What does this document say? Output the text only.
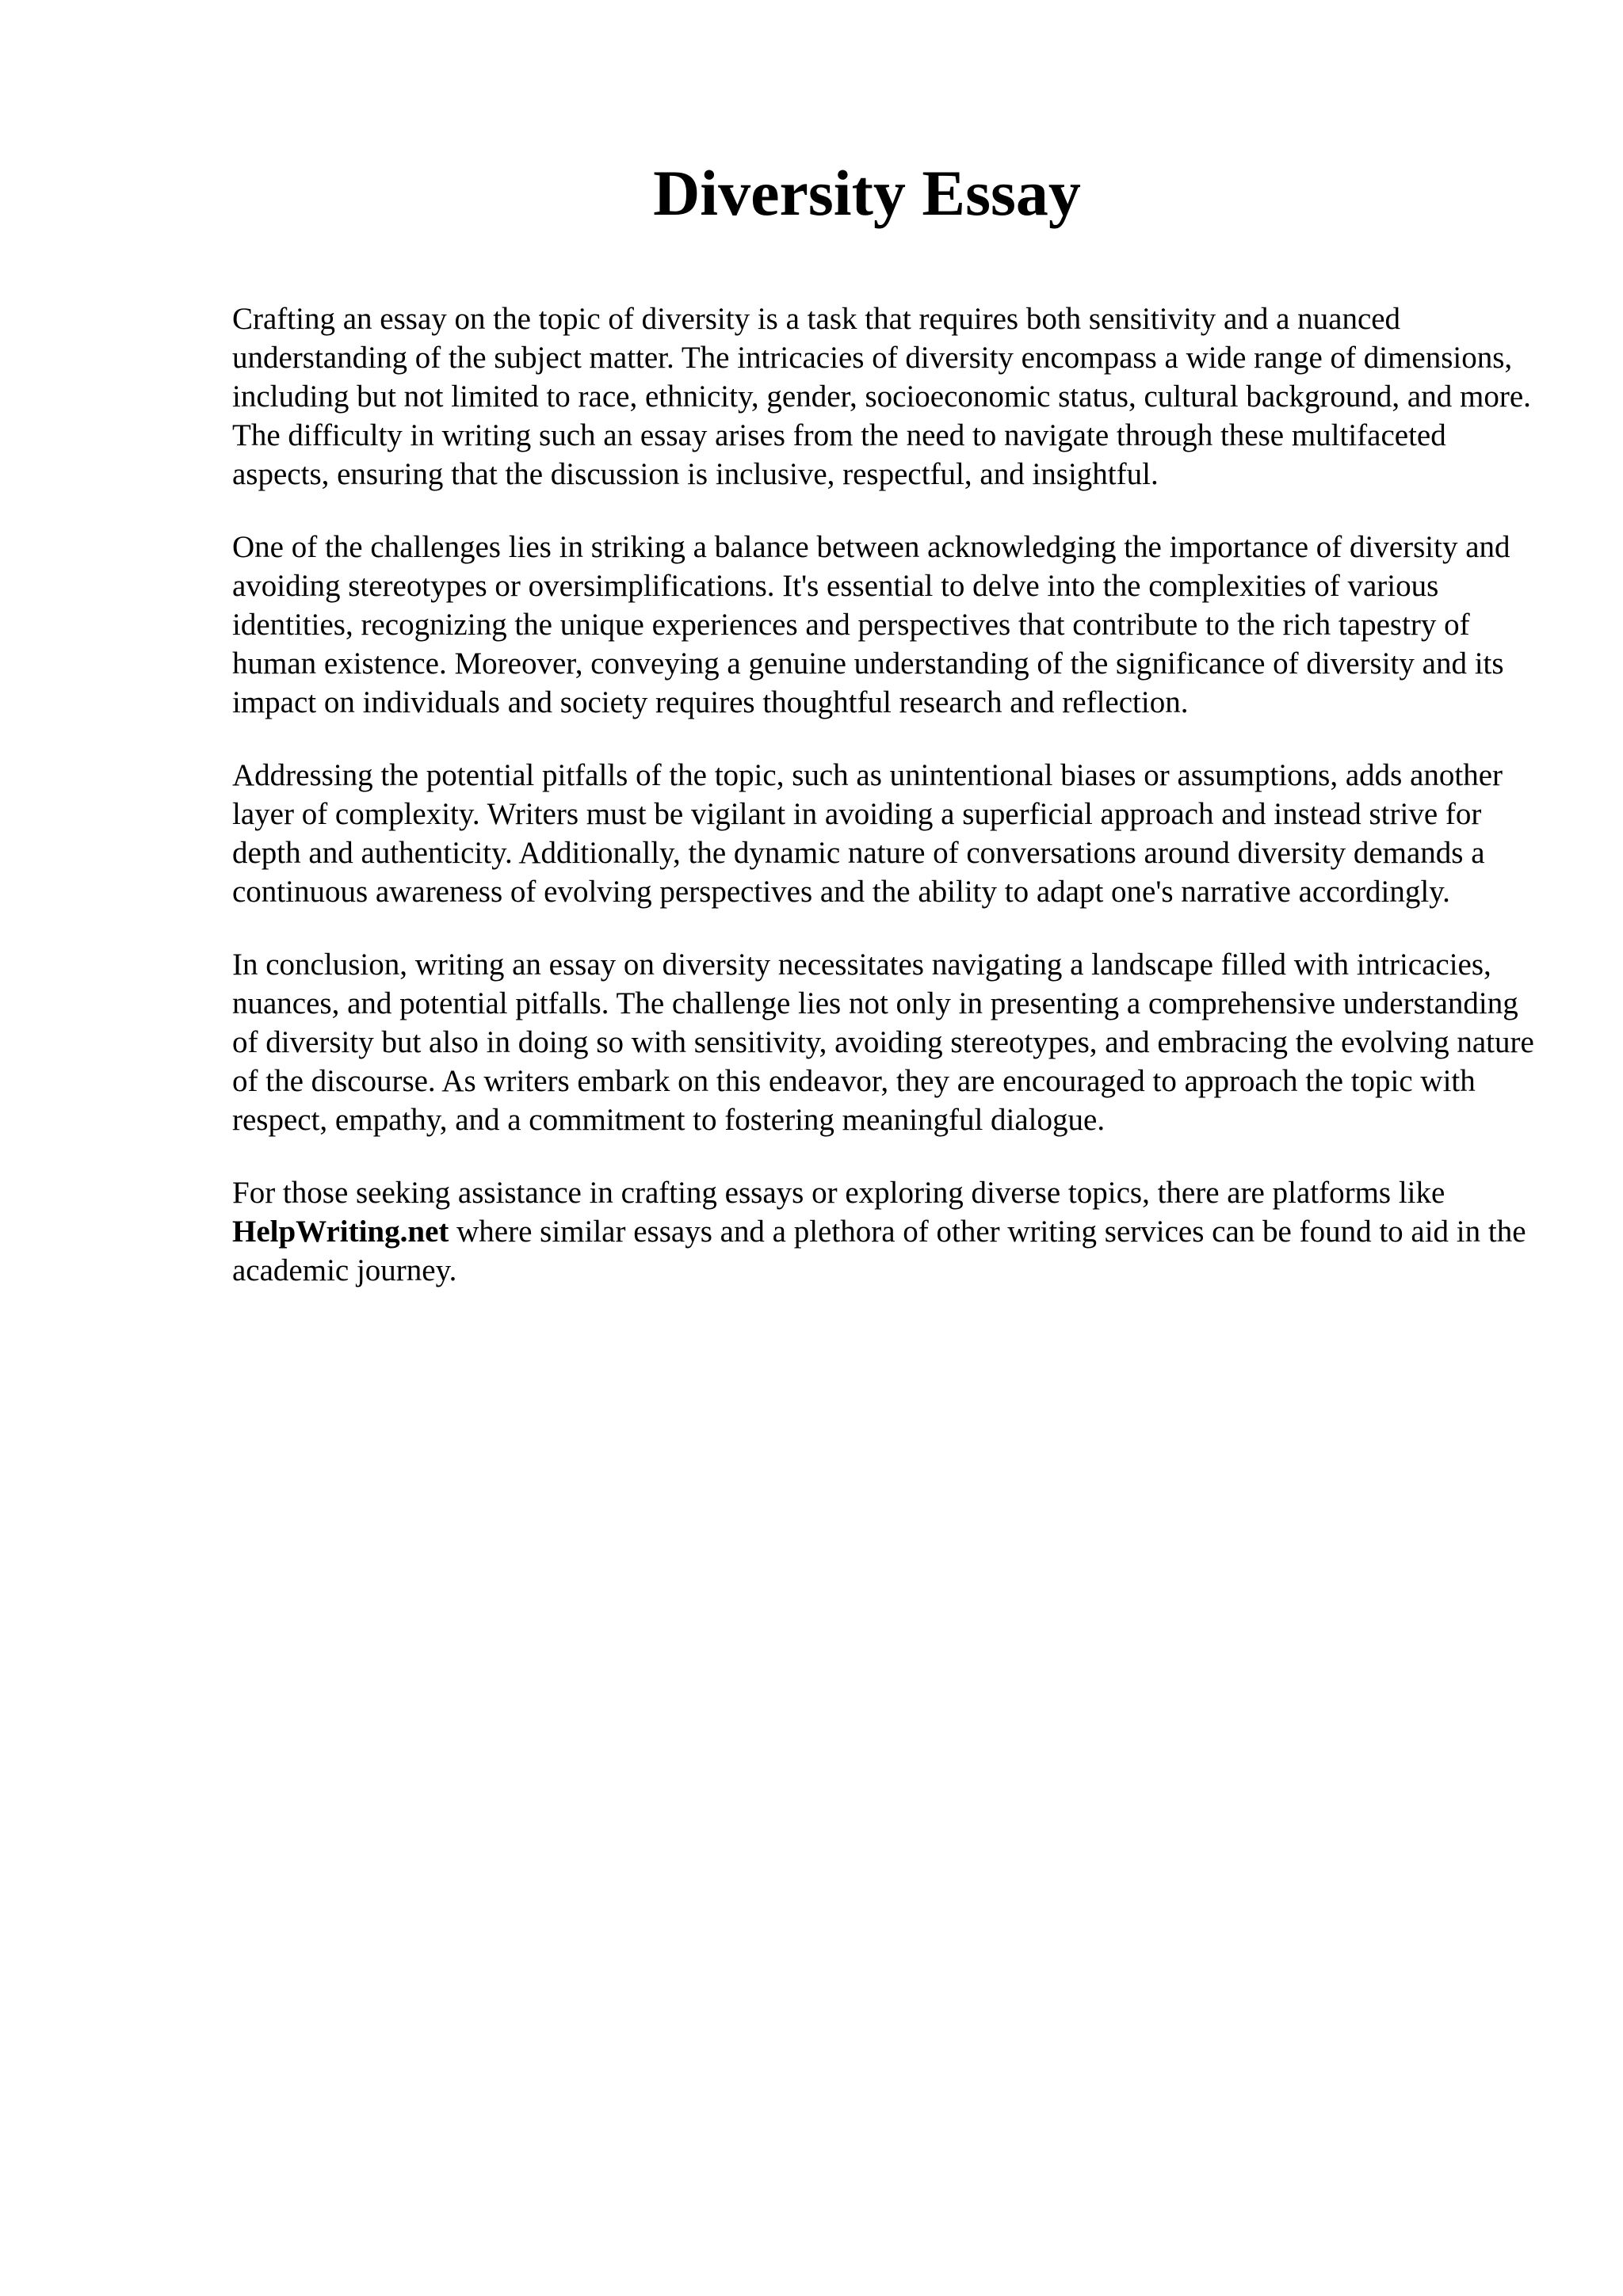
Diversity Essay

Crafting an essay on the topic of diversity is a task that requires both sensitivity and a nuanced understanding of the subject matter. The intricacies of diversity encompass a wide range of dimensions, including but not limited to race, ethnicity, gender, socioeconomic status, cultural background, and more. The difficulty in writing such an essay arises from the need to navigate through these multifaceted aspects, ensuring that the discussion is inclusive, respectful, and insightful.

One of the challenges lies in striking a balance between acknowledging the importance of diversity and avoiding stereotypes or oversimplifications. It's essential to delve into the complexities of various identities, recognizing the unique experiences and perspectives that contribute to the rich tapestry of human existence. Moreover, conveying a genuine understanding of the significance of diversity and its impact on individuals and society requires thoughtful research and reflection.

Addressing the potential pitfalls of the topic, such as unintentional biases or assumptions, adds another layer of complexity. Writers must be vigilant in avoiding a superficial approach and instead strive for depth and authenticity. Additionally, the dynamic nature of conversations around diversity demands a continuous awareness of evolving perspectives and the ability to adapt one's narrative accordingly.

In conclusion, writing an essay on diversity necessitates navigating a landscape filled with intricacies, nuances, and potential pitfalls. The challenge lies not only in presenting a comprehensive understanding of diversity but also in doing so with sensitivity, avoiding stereotypes, and embracing the evolving nature of the discourse. As writers embark on this endeavor, they are encouraged to approach the topic with respect, empathy, and a commitment to fostering meaningful dialogue.

For those seeking assistance in crafting essays or exploring diverse topics, there are platforms like HelpWriting.net where similar essays and a plethora of other writing services can be found to aid in the academic journey.
